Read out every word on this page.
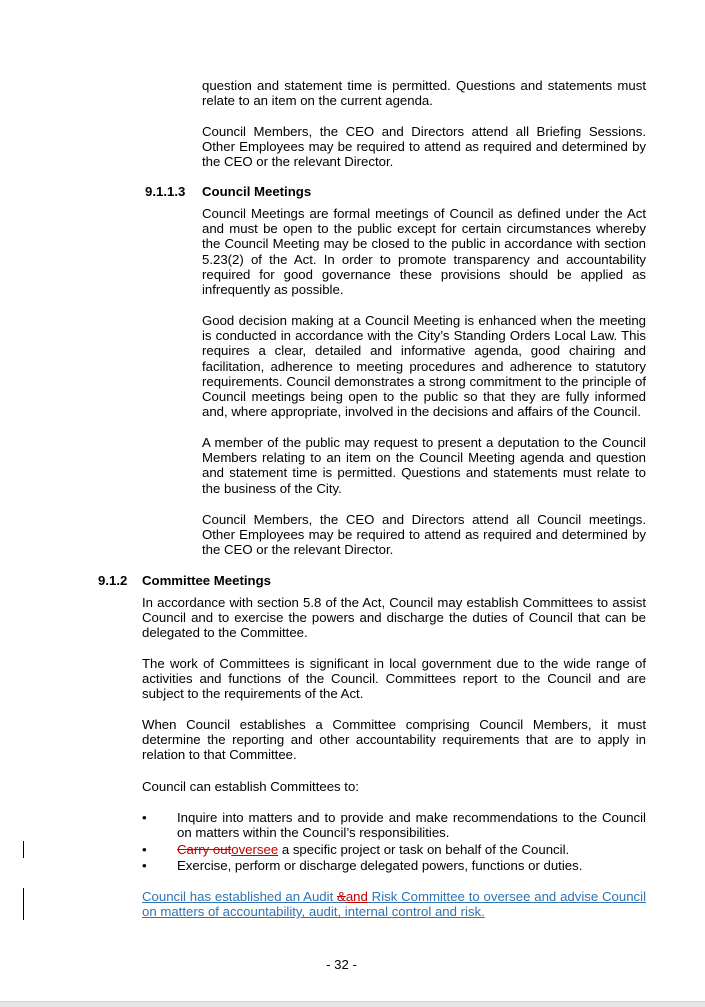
question and statement time is permitted. Questions and statements must relate to an item on the current agenda.

Council Members, the CEO and Directors attend all Briefing Sessions. Other Employees may be required to attend as required and determined by the CEO or the relevant Director.

9.1.1.3 Council Meetings

Council Meetings are formal meetings of Council as defined under the Act and must be open to the public except for certain circumstances whereby the Council Meeting may be closed to the public in accordance with section 5.23(2) of the Act. In order to promote transparency and accountability required for good governance these provisions should be applied as infrequently as possible.

Good decision making at a Council Meeting is enhanced when the meeting is conducted in accordance with the City’s Standing Orders Local Law. This requires a clear, detailed and informative agenda, good chairing and facilitation, adherence to meeting procedures and adherence to statutory requirements. Council demonstrates a strong commitment to the principle of Council meetings being open to the public so that they are fully informed and, where appropriate, involved in the decisions and affairs of the Council.

A member of the public may request to present a deputation to the Council Members relating to an item on the Council Meeting agenda and question and statement time is permitted. Questions and statements must relate to the business of the City.

Council Members, the CEO and Directors attend all Council meetings. Other Employees may be required to attend as required and determined by the CEO or the relevant Director.

9.1.2 Committee Meetings

In accordance with section 5.8 of the Act, Council may establish Committees to assist Council and to exercise the powers and discharge the duties of Council that can be delegated to the Committee.

The work of Committees is significant in local government due to the wide range of activities and functions of the Council. Committees report to the Council and are subject to the requirements of the Act.

When Council establishes a Committee comprising Council Members, it must determine the reporting and other accountability requirements that are to apply in relation to that Committee.

Council can establish Committees to:

•	Inquire into matters and to provide and make recommendations to the Council on matters within the Council’s responsibilities.
•	Carry outoversee a specific project or task on behalf of the Council.
•	Exercise, perform or discharge delegated powers, functions or duties.

Council has established an Audit &and Risk Committee to oversee and advise Council on matters of accountability, audit, internal control and risk.

- 32 -
